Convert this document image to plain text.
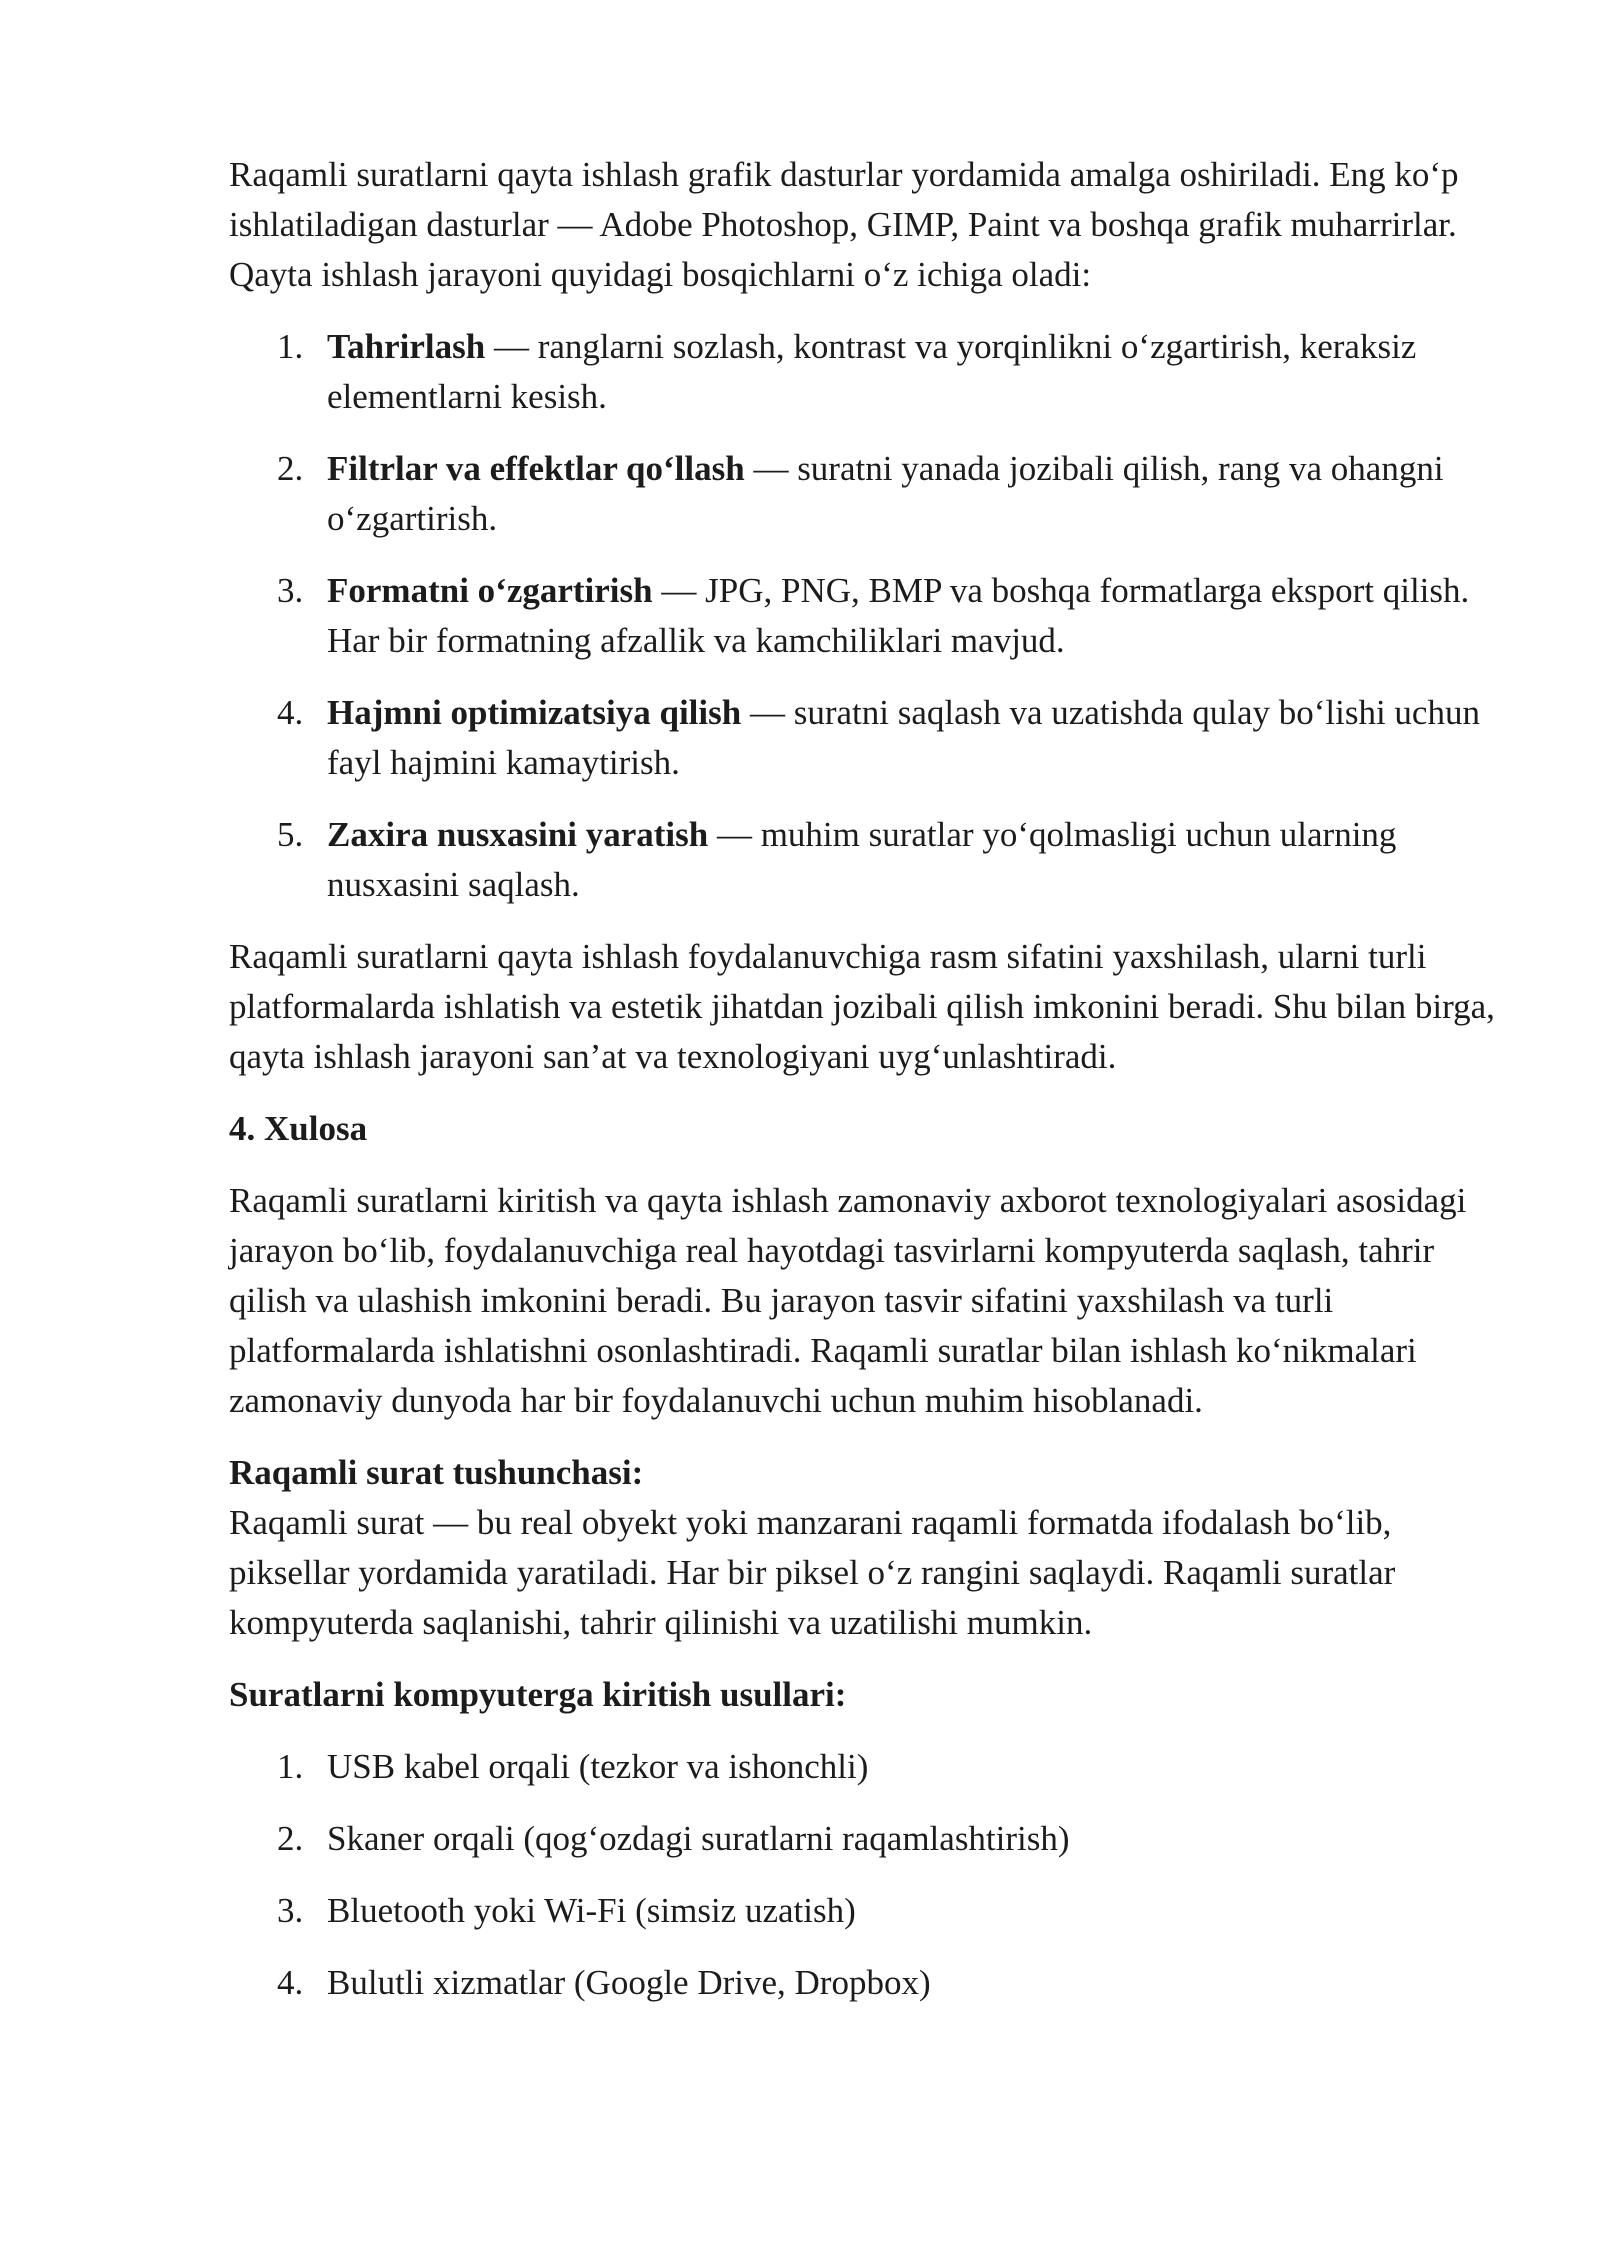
Raqamli suratlarni qayta ishlash grafik dasturlar yordamida amalga oshiriladi. Eng ko‘p ishlatiladigan dasturlar — Adobe Photoshop, GIMP, Paint va boshqa grafik muharrirlar. Qayta ishlash jarayoni quyidagi bosqichlarni o‘z ichiga oladi:

1. Tahrirlash — ranglarni sozlash, kontrast va yorqinlikni o‘zgartirish, keraksiz elementlarni kesish.
2. Filtrlar va effektlar qo‘llash — suratni yanada jozibali qilish, rang va ohangni o‘zgartirish.
3. Formatni o‘zgartirish — JPG, PNG, BMP va boshqa formatlarga eksport qilish. Har bir formatning afzallik va kamchiliklari mavjud.
4. Hajmni optimizatsiya qilish — suratni saqlash va uzatishda qulay bo‘lishi uchun fayl hajmini kamaytirish.
5. Zaxira nusxasini yaratish — muhim suratlar yo‘qolmasligi uchun ularning nusxasini saqlash.

Raqamli suratlarni qayta ishlash foydalanuvchiga rasm sifatini yaxshilash, ularni turli platformalarda ishlatish va estetik jihatdan jozibali qilish imkonini beradi. Shu bilan birga, qayta ishlash jarayoni san’at va texnologiyani uyg‘unlashtiradi.

4. Xulosa

Raqamli suratlarni kiritish va qayta ishlash zamonaviy axborot texnologiyalari asosidagi jarayon bo‘lib, foydalanuvchiga real hayotdagi tasvirlarni kompyuterda saqlash, tahrir qilish va ulashish imkonini beradi. Bu jarayon tasvir sifatini yaxshilash va turli platformalarda ishlatishni osonlashtiradi. Raqamli suratlar bilan ishlash ko‘nikmalari zamonaviy dunyoda har bir foydalanuvchi uchun muhim hisoblanadi.

Raqamli surat tushunchasi:

Raqamli surat — bu real obyekt yoki manzarani raqamli formatda ifodalash bo‘lib, piksellar yordamida yaratiladi. Har bir piksel o‘z rangini saqlaydi. Raqamli suratlar kompyuterda saqlanishi, tahrir qilinishi va uzatilishi mumkin.

Suratlarni kompyuterga kiritish usullari:

1. USB kabel orqali (tezkor va ishonchli)
2. Skaner orqali (qog‘ozdagi suratlarni raqamlashtirish)
3. Bluetooth yoki Wi-Fi (simsiz uzatish)
4. Bulutli xizmatlar (Google Drive, Dropbox)
